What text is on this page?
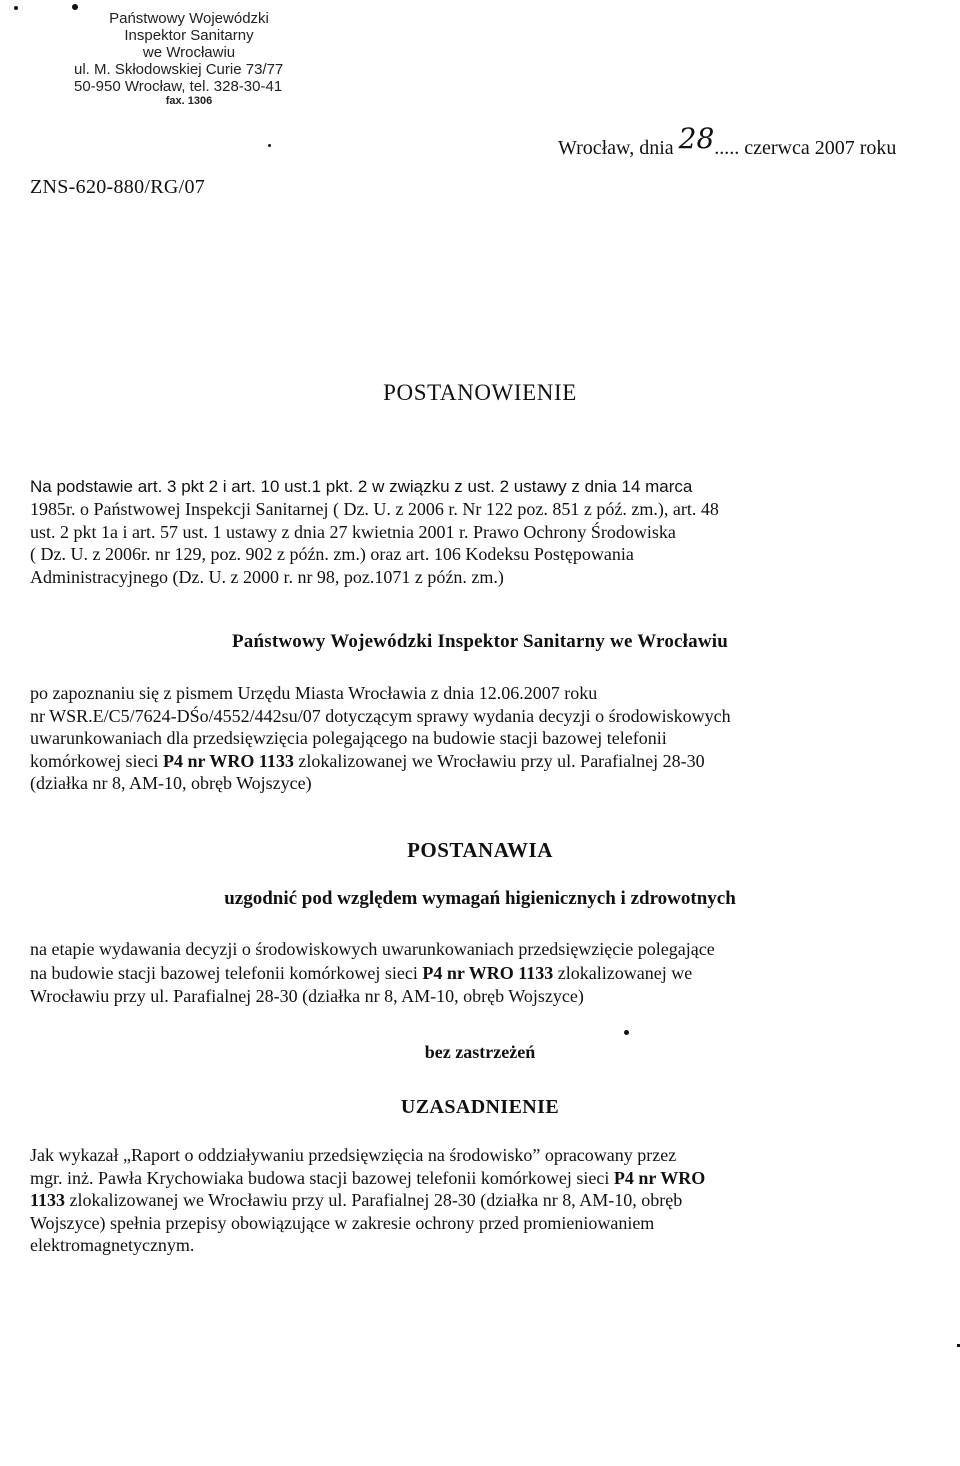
Państwowy Wojewódzki
Inspektor Sanitarny
we Wrocławiu
ul. M. Skłodowskiej Curie 73/77
50-950 Wrocław, tel. 328-30-41
fax. 1306
Wrocław, dnia 28..... czerwca 2007 roku
ZNS-620-880/RG/07
POSTANOWIENIE
Na podstawie art. 3 pkt 2 i art. 10 ust.1 pkt. 2 w związku z ust. 2 ustawy z dnia 14 marca
1985r. o Państwowej Inspekcji Sanitarnej ( Dz. U. z 2006 r. Nr 122 poz. 851 z póź. zm.), art. 48
ust. 2 pkt 1a i art. 57 ust. 1 ustawy z dnia 27 kwietnia 2001 r. Prawo Ochrony Środowiska
( Dz. U. z 2006r. nr 129, poz. 902 z późn. zm.) oraz art. 106 Kodeksu Postępowania
Administracyjnego (Dz. U. z 2000 r. nr 98, poz.1071 z późn. zm.)
Państwowy Wojewódzki Inspektor Sanitarny we Wrocławiu
po zapoznaniu się z pismem Urzędu Miasta Wrocławia z dnia 12.06.2007 roku
nr WSR.E/C5/7624-DŚo/4552/442su/07 dotyczącym sprawy wydania decyzji o środowiskowych
uwarunkowaniach dla przedsięwzięcia polegającego na budowie stacji bazowej telefonii
komórkowej sieci P4 nr WRO 1133 zlokalizowanej we Wrocławiu przy ul. Parafialnej 28-30
(działka nr 8, AM-10, obręb Wojszyce)
POSTANAWIA
uzgodnić pod względem wymagań higienicznych i zdrowotnych
na etapie wydawania decyzji o środowiskowych uwarunkowaniach przedsięwzięcie polegające
na budowie stacji bazowej telefonii komórkowej sieci P4 nr WRO 1133 zlokalizowanej we
Wrocławiu przy ul. Parafialnej 28-30 (działka nr 8, AM-10, obręb Wojszyce)
bez zastrzeżeń
UZASADNIENIE
Jak wykazał „Raport o oddziaływaniu przedsięwzięcia na środowisko” opracowany przez
mgr. inż. Pawła Krychowiaka budowa stacji bazowej telefonii komórkowej sieci P4 nr WRO
1133 zlokalizowanej we Wrocławiu przy ul. Parafialnej 28-30 (działka nr 8, AM-10, obręb
Wojszyce) spełnia przepisy obowiązujące w zakresie ochrony przed promieniowaniem
elektromagnetycznym.
